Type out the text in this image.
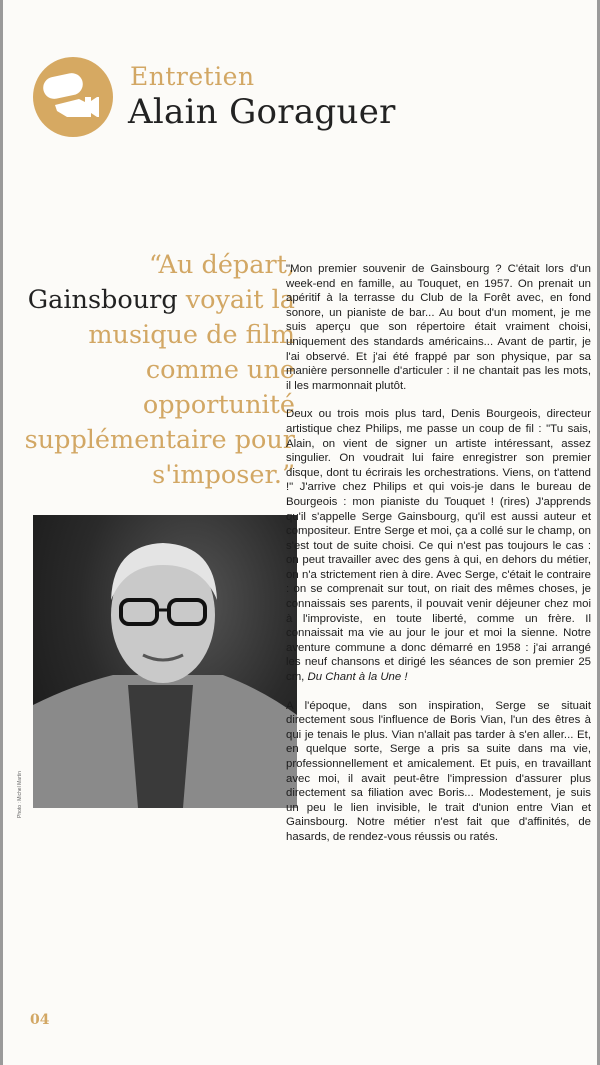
Entretien
Alain Goraguer
“Au départ,
Gainsbourg voyait la musique de film comme une opportunité supplémentaire pour s'imposer.”
Photo : Michel Martin

"Mon premier souvenir de Gainsbourg ? C'était lors d'un week-end en famille, au Touquet, en 1957. On prenait un apéritif à la terrasse du Club de la Forêt avec, en fond sonore, un pianiste de bar... Au bout d'un moment, je me suis aperçu que son répertoire était vraiment choisi, uniquement des standards américains... Avant de partir, je l'ai observé. Et j'ai été frappé par son physique, par sa manière personnelle d'articuler : il ne chantait pas les mots, il les marmonnait plutôt.

Deux ou trois mois plus tard, Denis Bourgeois, directeur artistique chez Philips, me passe un coup de fil : "Tu sais, Alain, on vient de signer un artiste intéressant, assez singulier. On voudrait lui faire enregistrer son premier disque, dont tu écrirais les orchestrations. Viens, on t'attend !" J'arrive chez Philips et qui vois-je dans le bureau de Bourgeois : mon pianiste du Touquet ! (rires) J'apprends qu'il s'appelle Serge Gainsbourg, qu'il est aussi auteur et compositeur. Entre Serge et moi, ça a collé sur le champ, on s'est tout de suite choisi. Ce qui n'est pas toujours le cas : on peut travailler avec des gens à qui, en dehors du métier, on n'a strictement rien à dire. Avec Serge, c'était le contraire : on se comprenait sur tout, on riait des mêmes choses, je connaissais ses parents, il pouvait venir déjeuner chez moi à l'improviste, en toute liberté, comme un frère. Il connaissait ma vie au jour le jour et moi la sienne. Notre aventure commune a donc démarré en 1958 : j'ai arrangé les neuf chansons et dirigé les séances de son premier 25 cm, Du Chant à la Une !

A l'époque, dans son inspiration, Serge se situait directement sous l'influence de Boris Vian, l'un des êtres à qui je tenais le plus. Vian n'allait pas tarder à s'en aller... Et, en quelque sorte, Serge a pris sa suite dans ma vie, professionnellement et amicalement. Et puis, en travaillant avec moi, il avait peut-être l'impression d'assurer plus directement sa filiation avec Boris... Modestement, je suis un peu le lien invisible, le trait d'union entre Vian et Gainsbourg. Notre métier n'est fait que d'affinités, de hasards, de rendez-vous réussis ou ratés.

04
